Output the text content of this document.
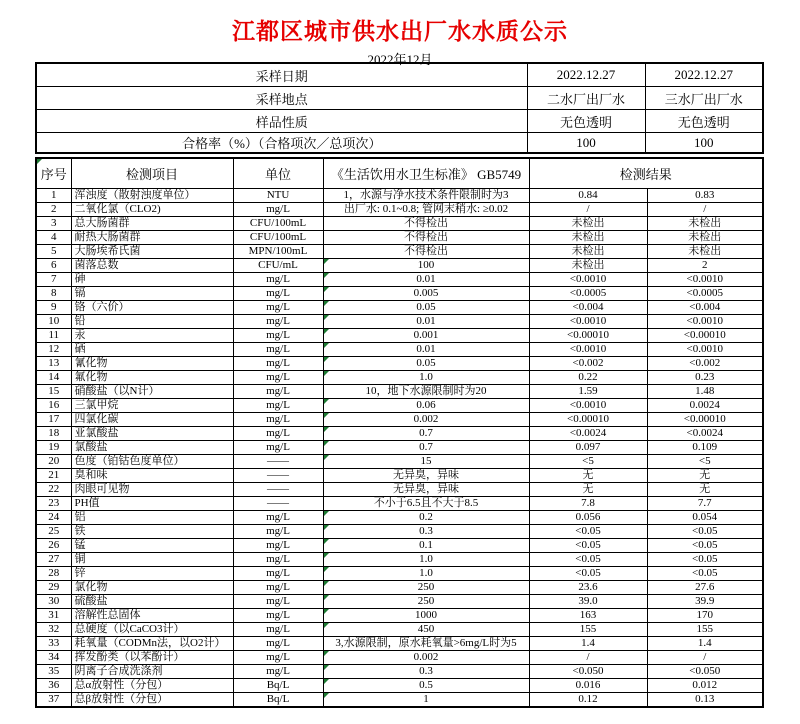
江都区城市供水出厂水水质公示
2022年12月
采样日期	2022.12.27	2022.12.27
采样地点	二水厂出厂水	三水厂出厂水
样品性质	无色透明	无色透明
合格率（%）（合格项次／总项次）	100	100
序号	检测项目	单位	《生活饮用水卫生标准》 GB5749	检测结果	
1	浑浊度（散射浊度单位）	NTU	1，水源与净水技术条件限制时为3	0.84	0.83
2	二氧化氯（CLO2)	mg/L	出厂水: 0.1~0.8; 管网末稍水: ≥0.02	/	/
3	总大肠菌群	CFU/100mL	不得检出	未检出	未检出
4	耐热大肠菌群	CFU/100mL	不得检出	未检出	未检出
5	大肠埃希氏菌	MPN/100mL	不得检出	未检出	未检出
6	菌落总数	CFU/mL	100	未检出	2
7	砷	mg/L	0.01	<0.0010	<0.0010
8	镉	mg/L	0.005	<0.0005	<0.0005
9	铬（六价）	mg/L	0.05	<0.004	<0.004
10	铅	mg/L	0.01	<0.0010	<0.0010
11	汞	mg/L	0.001	<0.00010	<0.00010
12	硒	mg/L	0.01	<0.0010	<0.0010
13	氰化物	mg/L	0.05	<0.002	<0.002
14	氟化物	mg/L	1.0	0.22	0.23
15	硝酸盐（以N计）	mg/L	10，地下水源限制时为20	1.59	1.48
16	三氯甲烷	mg/L	0.06	<0.0010	0.0024
17	四氯化碳	mg/L	0.002	<0.00010	<0.00010
18	亚氯酸盐	mg/L	0.7	<0.0024	<0.0024
19	氯酸盐	mg/L	0.7	0.097	0.109
20	色度（铂钴色度单位）	——	15	<5	<5
21	臭和味	——	无异臭，异味	无	无
22	肉眼可见物	——	无异臭，异味	无	无
23	PH值	——	不小于6.5且不大于8.5	7.8	7.7
24	铝	mg/L	0.2	0.056	0.054
25	铁	mg/L	0.3	<0.05	<0.05
26	锰	mg/L	0.1	<0.05	<0.05
27	铜	mg/L	1.0	<0.05	<0.05
28	锌	mg/L	1.0	<0.05	<0.05
29	氯化物	mg/L	250	23.6	27.6
30	硫酸盐	mg/L	250	39.0	39.9
31	溶解性总固体	mg/L	1000	163	170
32	总硬度（以CaCO3计）	mg/L	450	155	155
33	耗氧量（CODMn法，以O2计）	mg/L	3,水源限制，原水耗氧量>6mg/L时为5	1.4	1.4
34	挥发酚类（以苯酚计）	mg/L	0.002	/	/
35	阴离子合成洗涤剂	mg/L	0.3	<0.050	<0.050
36	总α放射性（分包）	Bq/L	0.5	0.016	0.012
37	总β放射性（分包）	Bq/L	1	0.12	0.13
